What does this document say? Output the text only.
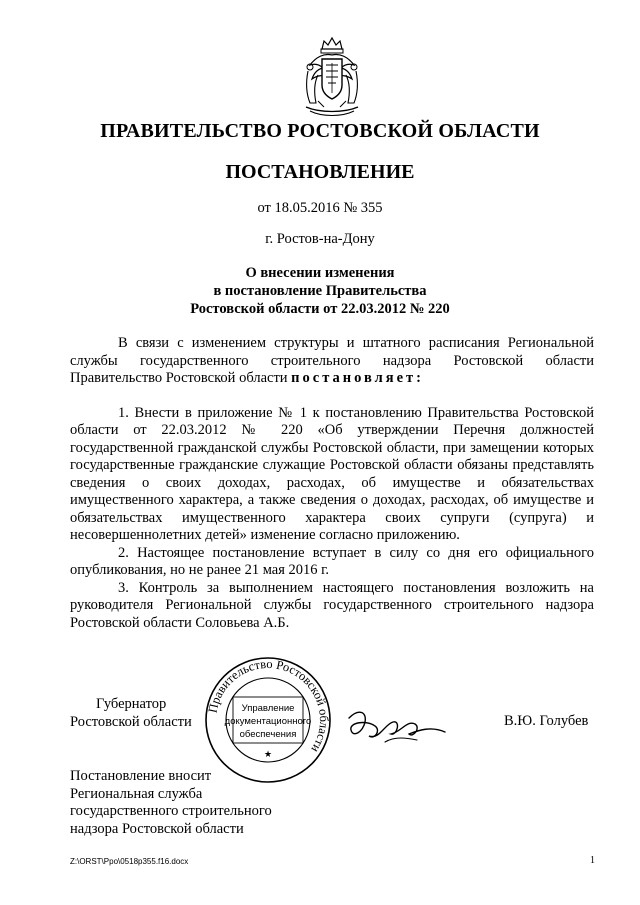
ПРАВИТЕЛЬСТВО РОСТОВСКОЙ ОБЛАСТИ
ПОСТАНОВЛЕНИЕ
от 18.05.2016 № 355
г. Ростов-на-Дону
О внесении изменения
в постановление Правительства
Ростовской области от 22.03.2012 № 220

В связи с изменением структуры и штатного расписания Региональной службы государственного строительного надзора Ростовской области Правительство Ростовской области постановляет:

1. Внести в приложение № 1 к постановлению Правительства Ростовской области от 22.03.2012 № 220 «Об утверждении Перечня должностей государственной гражданской службы Ростовской области, при замещении которых государственные гражданские служащие Ростовской области обязаны представлять сведения о своих доходах, расходах, об имуществе и обязательствах имущественного характера, а также сведения о доходах, расходах, об имуществе и обязательствах имущественного характера своих супруги (супруга) и несовершеннолетних детей» изменение согласно приложению.

2. Настоящее постановление вступает в силу со дня его официального опубликования, но не ранее 21 мая 2016 г.

3. Контроль за выполнением настоящего постановления возложить на руководителя Региональной службы государственного строительного надзора Ростовской области Соловьева А.Б.

Губернатор
Ростовской области
Правительство Ростовской области
Управление
документационного
обеспечения
★
В.Ю. Голубев
Постановление вносит
Региональная служба
государственного строительного
надзора Ростовской области
Z:\ORST\Ppo\0518p355.f16.docx	1
